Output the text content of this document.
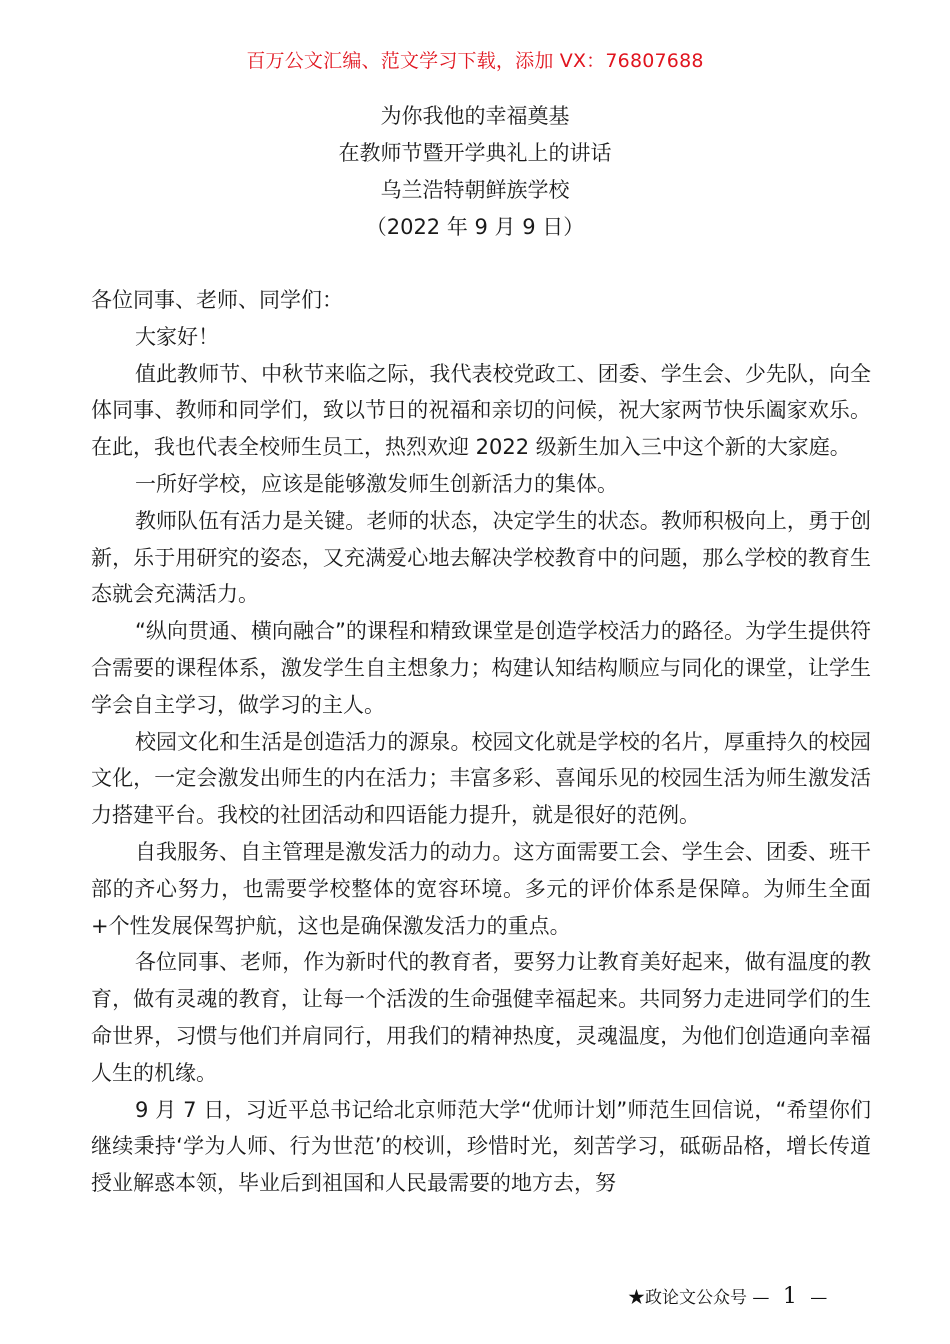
百万公文汇编、范文学习下载，添加 VX：76807688
为你我他的幸福奠基
在教师节暨开学典礼上的讲话
乌兰浩特朝鲜族学校
（2022 年 9 月 9 日）

各位同事、老师、同学们：

大家好！

值此教师节、中秋节来临之际，我代表校党政工、团委、学生会、少先队，向全体同事、教师和同学们，致以节日的祝福和亲切的问候，祝大家两节快乐阖家欢乐。在此，我也代表全校师生员工，热烈欢迎 2022 级新生加入三中这个新的大家庭。

一所好学校，应该是能够激发师生创新活力的集体。

教师队伍有活力是关键。老师的状态，决定学生的状态。教师积极向上，勇于创新，乐于用研究的姿态，又充满爱心地去解决学校教育中的问题，那么学校的教育生态就会充满活力。

“纵向贯通、横向融合”的课程和精致课堂是创造学校活力的路径。为学生提供符合需要的课程体系，激发学生自主想象力；构建认知结构顺应与同化的课堂，让学生学会自主学习，做学习的主人。

校园文化和生活是创造活力的源泉。校园文化就是学校的名片，厚重持久的校园文化，一定会激发出师生的内在活力；丰富多彩、喜闻乐见的校园生活为师生激发活力搭建平台。我校的社团活动和四语能力提升，就是很好的范例。

自我服务、自主管理是激发活力的动力。这方面需要工会、学生会、团委、班干部的齐心努力，也需要学校整体的宽容环境。多元的评价体系是保障。为师生全面+个性发展保驾护航，这也是确保激发活力的重点。

各位同事、老师，作为新时代的教育者，要努力让教育美好起来，做有温度的教育，做有灵魂的教育，让每一个活泼的生命强健幸福起来。共同努力走进同学们的生命世界，习惯与他们并肩同行，用我们的精神热度，灵魂温度，为他们创造通向幸福人生的机缘。

9 月 7 日，习近平总书记给北京师范大学“优师计划”师范生回信说，“希望你们继续秉持‘学为人师、行为世范’的校训，珍惜时光，刻苦学习，砥砺品格，增长传道授业解惑本领，毕业后到祖国和人民最需要的地方去，努

★政论文公众号 — 1 —
